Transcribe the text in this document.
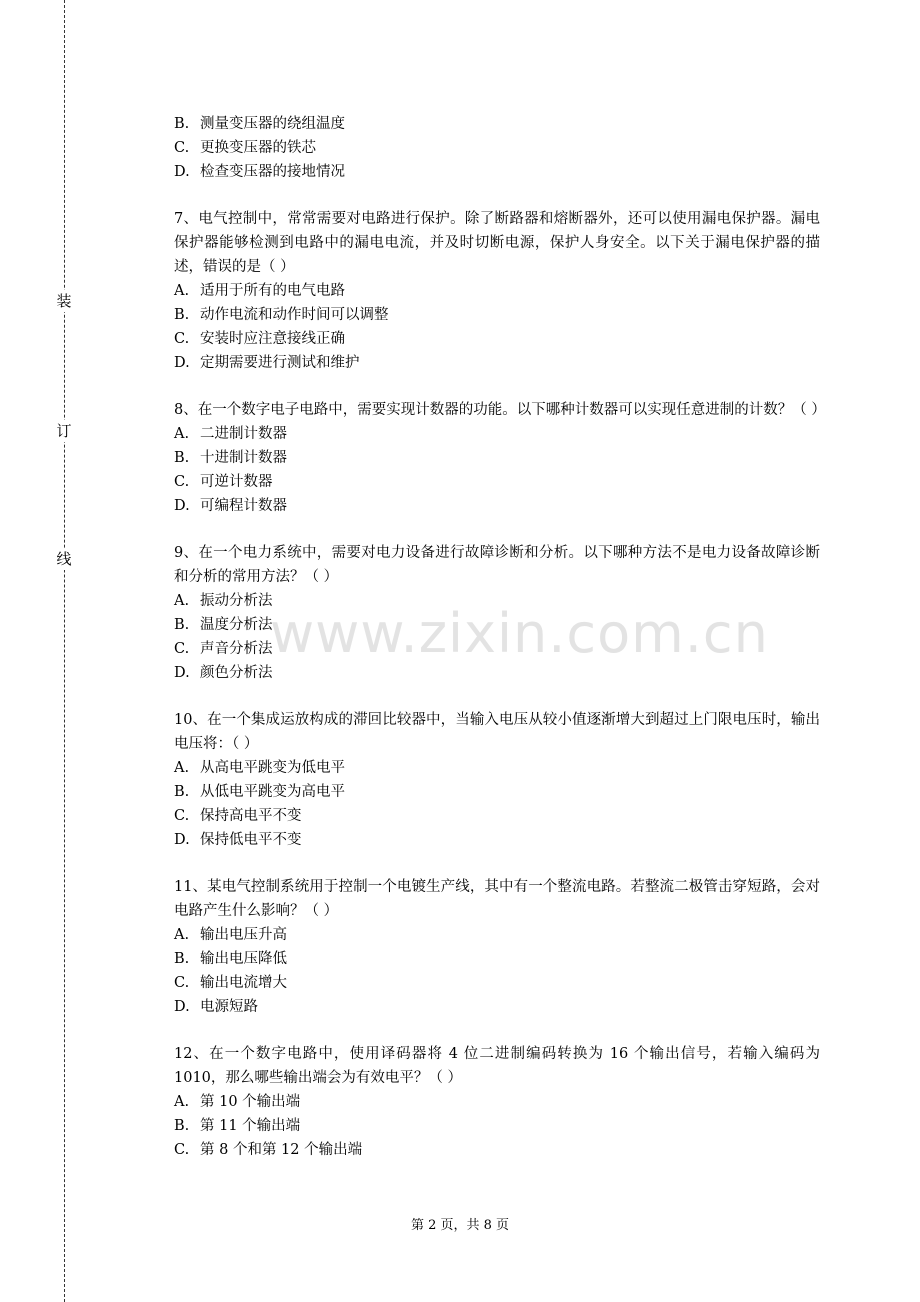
装
订
线
www.zixin.com.cn

B. 测量变压器的绕组温度

C. 更换变压器的铁芯

D. 检查变压器的接地情况

7、电气控制中，常常需要对电路进行保护。除了断路器和熔断器外，还可以使用漏电保护器。漏电保护器能够检测到电路中的漏电电流，并及时切断电源，保护人身安全。以下关于漏电保护器的描述，错误的是（ ）

A. 适用于所有的电气电路

B. 动作电流和动作时间可以调整

C. 安装时应注意接线正确

D. 定期需要进行测试和维护

8、在一个数字电子电路中，需要实现计数器的功能。以下哪种计数器可以实现任意进制的计数？（ ）

A. 二进制计数器

B. 十进制计数器

C. 可逆计数器

D. 可编程计数器

9、在一个电力系统中，需要对电力设备进行故障诊断和分析。以下哪种方法不是电力设备故障诊断和分析的常用方法？（ ）

A. 振动分析法

B. 温度分析法

C. 声音分析法

D. 颜色分析法

10、在一个集成运放构成的滞回比较器中，当输入电压从较小值逐渐增大到超过上门限电压时，输出电压将：（ ）

A. 从高电平跳变为低电平

B. 从低电平跳变为高电平

C. 保持高电平不变

D. 保持低电平不变

11、某电气控制系统用于控制一个电镀生产线，其中有一个整流电路。若整流二极管击穿短路，会对电路产生什么影响？（ ）

A. 输出电压升高

B. 输出电压降低

C. 输出电流增大

D. 电源短路

12、在一个数字电路中，使用译码器将 4 位二进制编码转换为 16 个输出信号，若输入编码为 1010，那么哪些输出端会为有效电平？（ ）

A. 第 10 个输出端

B. 第 11 个输出端

C. 第 8 个和第 12 个输出端

第 2 页，共 8 页
